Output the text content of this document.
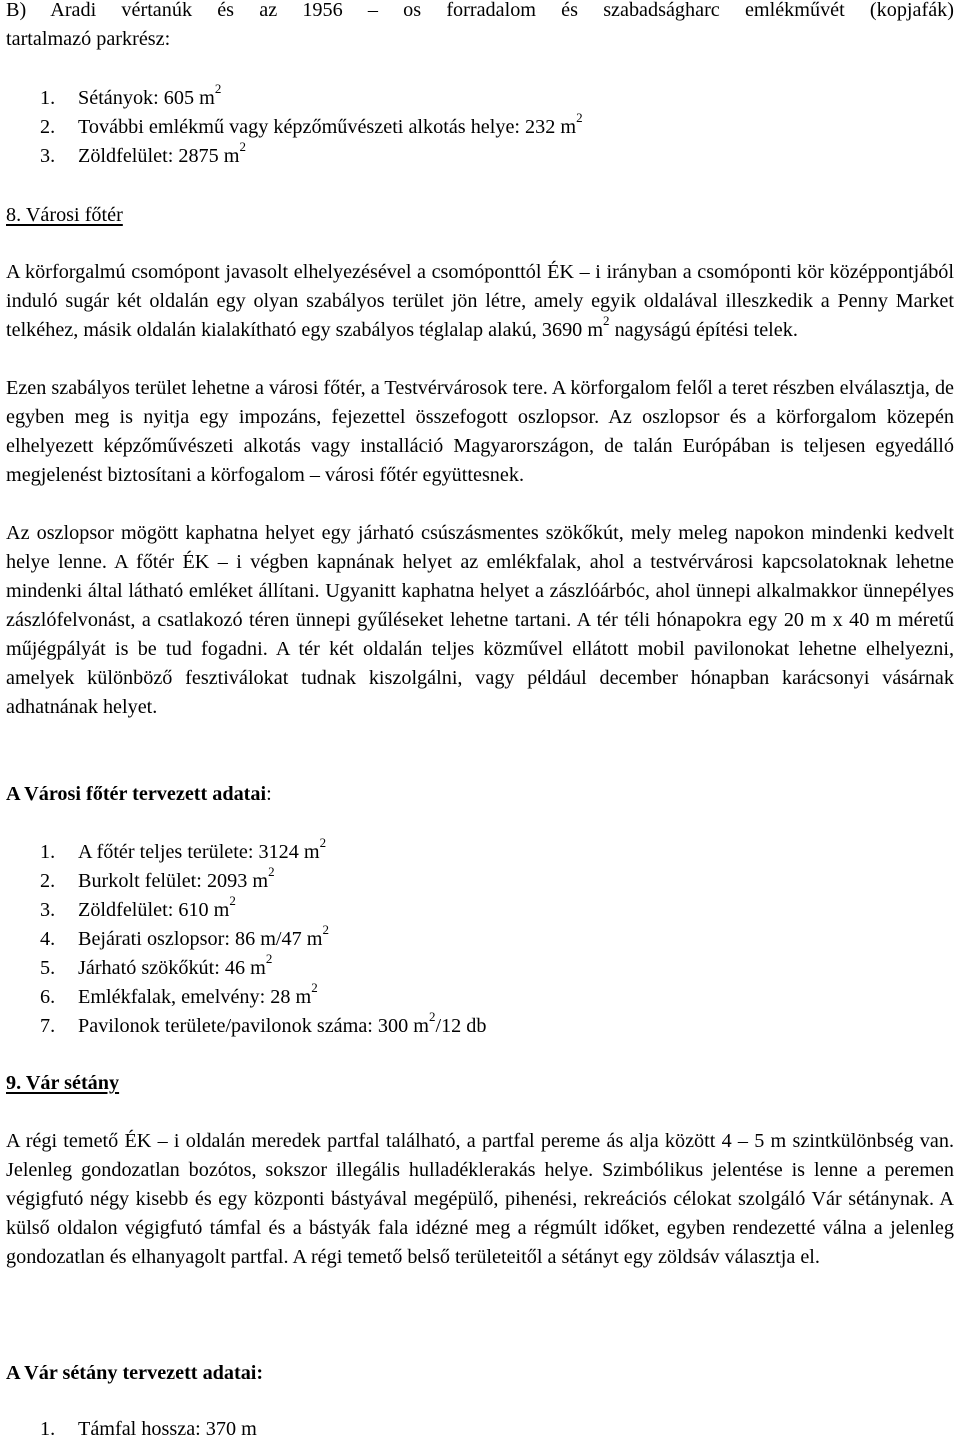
B) Aradi vértanúk és az 1956 – os forradalom és szabadságharc emlékművét (kopjafák)

tartalmazó parkrész:

1. Sétányok: 605 $m^2$
2. További emlékmű vagy képzőművészeti alkotás helye: 232 $m^2$
3. Zöldfelület: 2875 $m^2$
8. Városi főtér

A körforgalmú csomópont javasolt elhelyezésével a csomóponttól ÉK – i irányban a csomóponti kör középpontjából induló sugár két oldalán egy olyan szabályos terület jön létre, amely egyik oldalával illeszkedik a Penny Market telkéhez, másik oldalán kialakítható egy szabályos téglalap alakú, 3690 $m^2$ nagyságú építési telek.

Ezen szabályos terület lehetne a városi főtér, a Testvérvárosok tere. A körforgalom felől a teret részben elválasztja, de egyben meg is nyitja egy impozáns, fejezettel összefogott oszlopsor. Az oszlopsor és a körforgalom közepén elhelyezett képzőművészeti alkotás vagy installáció Magyarországon, de talán Európában is teljesen egyedálló megjelenést biztosítani a körfogalom – városi főtér együttesnek.

Az oszlopsor mögött kaphatna helyet egy járható csúszásmentes szökőkút, mely meleg napokon mindenki kedvelt helye lenne. A főtér ÉK – i végben kapnának helyet az emlékfalak, ahol a testvérvárosi kapcsolatoknak lehetne mindenki által látható emléket állítani. Ugyanitt kaphatna helyet a zászlóárbóc, ahol ünnepi alkalmakkor ünnepélyes zászlófelvonást, a csatlakozó téren ünnepi gyűléseket lehetne tartani. A tér téli hónapokra egy 20 m x 40 m méretű műjégpályát is be tud fogadni. A tér két oldalán teljes közművel ellátott mobil pavilonokat lehetne elhelyezni, amelyek különböző fesztiválokat tudnak kiszolgálni, vagy például december hónapban karácsonyi vásárnak adhatnának helyet.

A Városi főtér tervezett adatai:
1. A főtér teljes területe: 3124 $m^2$
2. Burkolt felület: 2093 $m^2$
3. Zöldfelület: 610 $m^2$
4. Bejárati oszlopsor: 86 m/47 $m^2$
5. Járható szökőkút: 46 $m^2$
6. Emlékfalak, emelvény: 28 $m^2$
7. Pavilonok területe/pavilonok száma: 300 $m^2/12$ db
9. Vár sétány

A régi temető ÉK – i oldalán meredek partfal található, a partfal pereme ás alja között 4 – 5 m szintkülönbség van. Jelenleg gondozatlan bozótos, sokszor illegális hulladéklerakás helye. Szimbólikus jelentése is lenne a peremen végigfutó négy kisebb és egy központi bástyával megépülő, pihenési, rekreációs célokat szolgáló Vár sétánynak. A külső oldalon végigfutó támfal és a bástyák fala idézné meg a régmúlt időket, egyben rendezetté válna a jelenleg gondozatlan és elhanyagolt partfal. A régi temető belső területeitől a sétányt egy zöldsáv választja el.

A Vár sétány tervezett adatai:
1. Támfal hossza: 370 m
